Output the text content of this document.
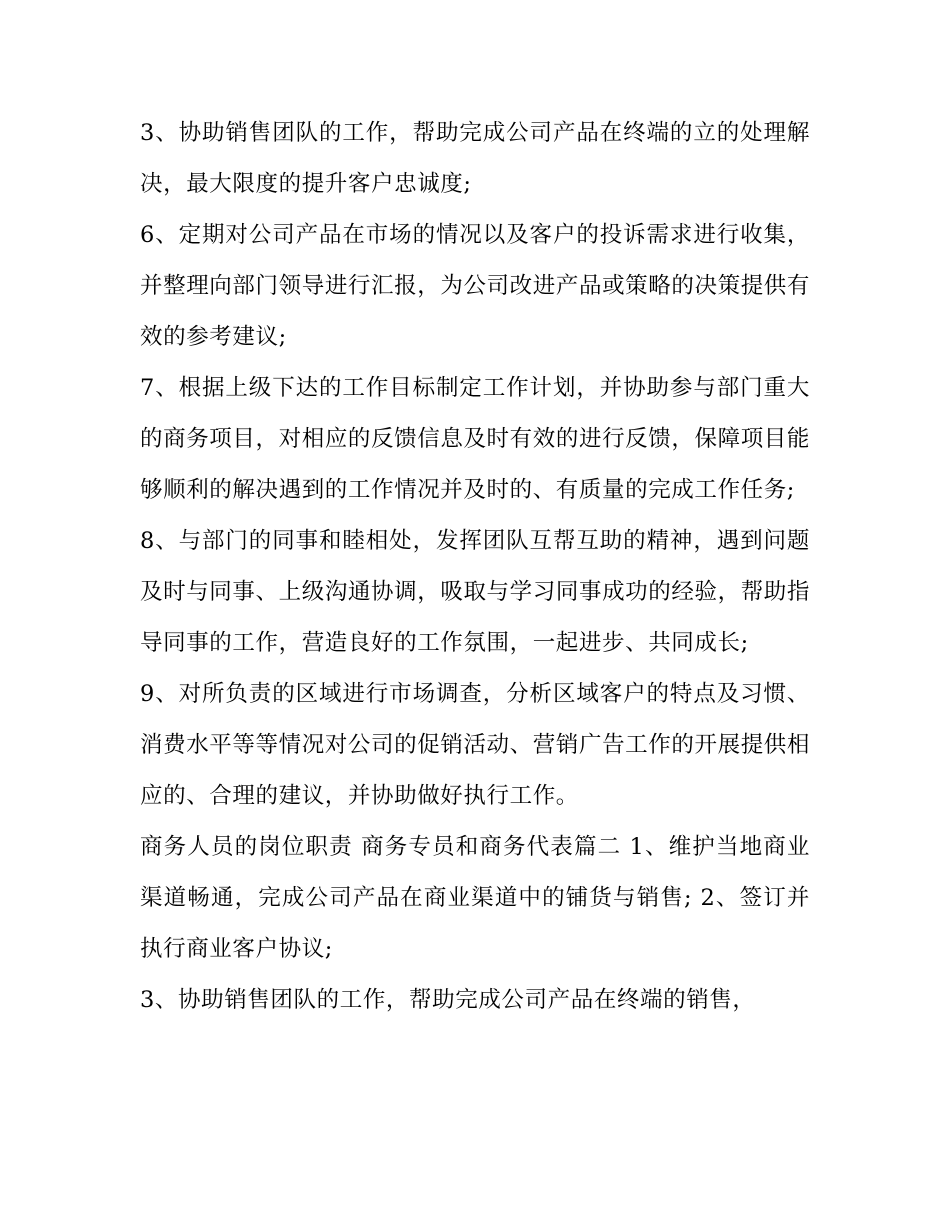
3、协助销售团队的工作，帮助完成公司产品在终端的立的处理解决，最大限度的提升客户忠诚度;

6、定期对公司产品在市场的情况以及客户的投诉需求进行收集，并整理向部门领导进行汇报，为公司改进产品或策略的决策提供有效的参考建议;

7、根据上级下达的工作目标制定工作计划，并协助参与部门重大的商务项目，对相应的反馈信息及时有效的进行反馈，保障项目能够顺利的解决遇到的工作情况并及时的、有质量的完成工作任务;

8、与部门的同事和睦相处，发挥团队互帮互助的精神，遇到问题及时与同事、上级沟通协调，吸取与学习同事成功的经验，帮助指导同事的工作，营造良好的工作氛围，一起进步、共同成长;

9、对所负责的区域进行市场调查，分析区域客户的特点及习惯、消费水平等等情况对公司的促销活动、营销广告工作的开展提供相应的、合理的建议，并协助做好执行工作。

商务人员的岗位职责 商务专员和商务代表篇二 1、维护当地商业渠道畅通，完成公司产品在商业渠道中的铺货与销售; 2、签订并执行商业客户协议;

3、协助销售团队的工作，帮助完成公司产品在终端的销售，
